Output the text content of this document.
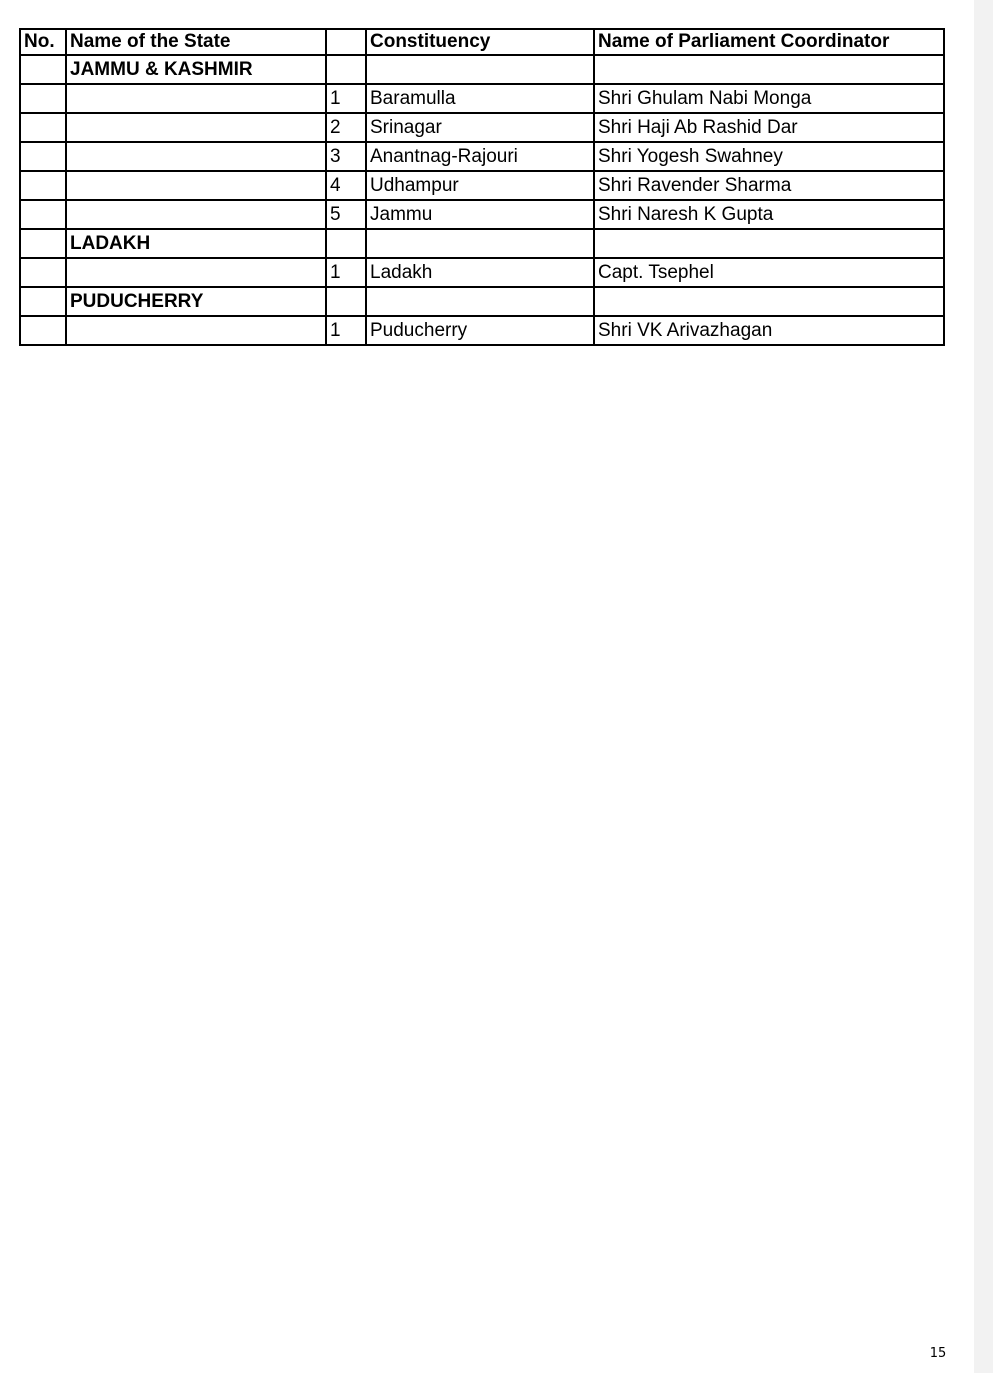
No.	Name of the State		Constituency	Name of Parliament Coordinator
	JAMMU & KASHMIR			
		1	Baramulla	Shri Ghulam Nabi Monga
		2	Srinagar	Shri Haji Ab Rashid Dar
		3	Anantnag-Rajouri	Shri Yogesh Swahney
		4	Udhampur	Shri Ravender Sharma
		5	Jammu	Shri Naresh K Gupta
	LADAKH			
		1	Ladakh	Capt. Tsephel
	PUDUCHERRY			
		1	Puducherry	Shri VK Arivazhagan
15
